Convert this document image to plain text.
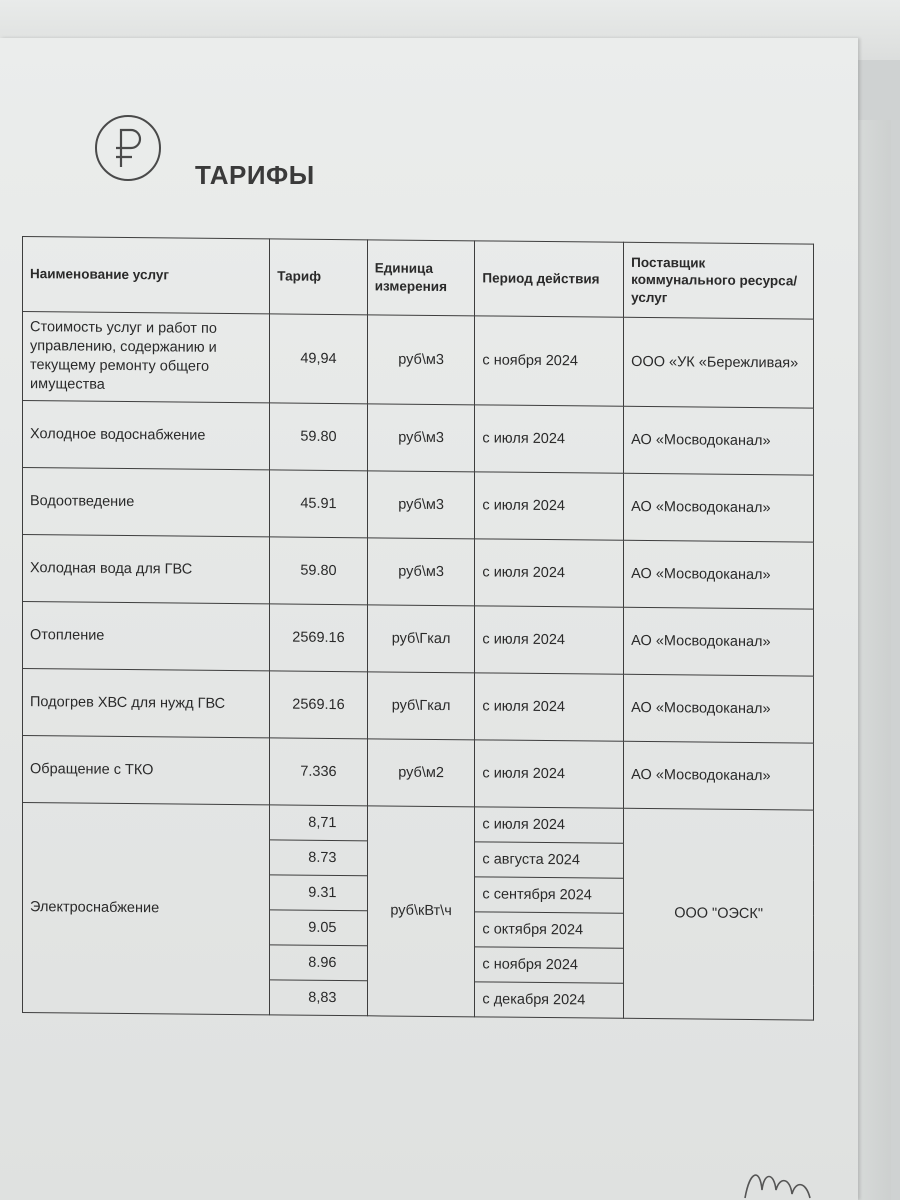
ТАРИФЫ
Наименование услуг	Тариф	Единица измерения	Период действия	Поставщик коммунального ресурса/услуг
Стоимость услуг и работ по управлению, содержанию и текущему ремонту общего имущества	49,94	руб\м3	с ноября 2024	ООО «УК «Бережливая»
Холодное водоснабжение	59.80	руб\м3	с июля 2024	АО «Мосводоканал»
Водоотведение	45.91	руб\м3	с июля 2024	АО «Мосводоканал»
Холодная вода для ГВС	59.80	руб\м3	с июля 2024	АО «Мосводоканал»
Отопление	2569.16	руб\Гкал	с июля 2024	АО «Мосводоканал»
Подогрев ХВС для нужд ГВС	2569.16	руб\Гкал	с июля 2024	АО «Мосводоканал»
Обращение с ТКО	7.336	руб\м2	с июля 2024	АО «Мосводоканал»
Электроснабжение	8,71	руб\кВт\ч	с июля 2024	ООО "ОЭСК"
	8.73		с августа 2024	
	9.31		с сентября 2024	
	9.05		с октября 2024	
	8.96		с ноября 2024	
	8,83		с декабря 2024	
